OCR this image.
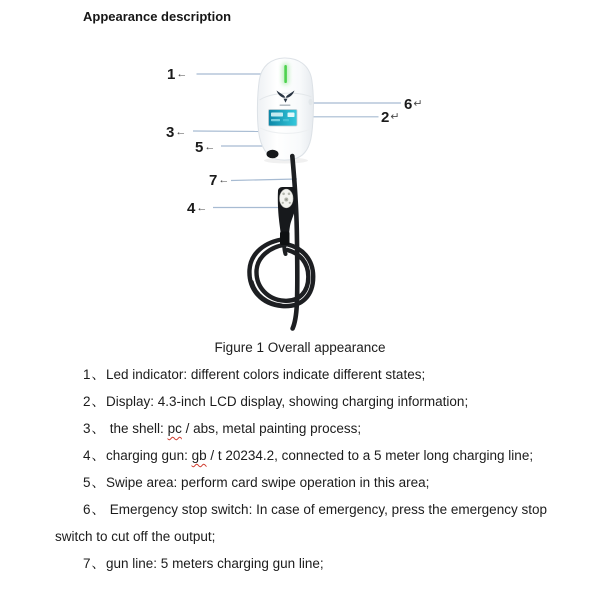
Appearance description
1←
3←
5←
7←
4←
6↵
2↵
Figure 1 Overall appearance
1、Led indicator: different colors indicate different states;
2、Display: 4.3-inch LCD display, showing charging information;
3、 the shell: pc / abs, metal painting process;
4、charging gun: gb / t 20234.2, connected to a 5 meter long charging line;
5、Swipe area: perform card swipe operation in this area;
6、 Emergency stop switch: In case of emergency, press the emergency stop
switch to cut off the output;
7、gun line: 5 meters charging gun line;
